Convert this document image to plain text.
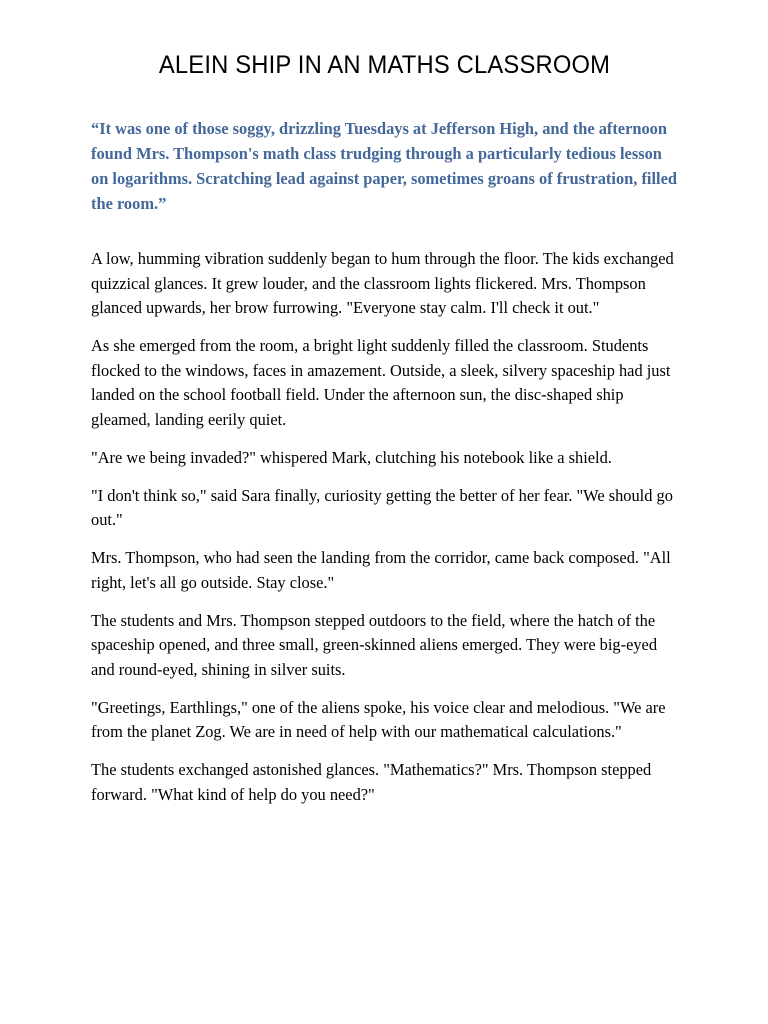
ALEIN SHIP IN AN MATHS CLASSROOM

“It was one of those soggy, drizzling Tuesdays at Jefferson High, and the afternoon found Mrs. Thompson's math class trudging through a particularly tedious lesson on logarithms. Scratching lead against paper, sometimes groans of frustration, filled the room.”

A low, humming vibration suddenly began to hum through the floor. The kids exchanged quizzical glances. It grew louder, and the classroom lights flickered. Mrs. Thompson glanced upwards, her brow furrowing. "Everyone stay calm. I'll check it out."

As she emerged from the room, a bright light suddenly filled the classroom. Students flocked to the windows, faces in amazement. Outside, a sleek, silvery spaceship had just landed on the school football field. Under the afternoon sun, the disc-shaped ship gleamed, landing eerily quiet.

"Are we being invaded?" whispered Mark, clutching his notebook like a shield.

"I don't think so," said Sara finally, curiosity getting the better of her fear. "We should go out."

Mrs. Thompson, who had seen the landing from the corridor, came back composed. "All right, let's all go outside. Stay close."

The students and Mrs. Thompson stepped outdoors to the field, where the hatch of the spaceship opened, and three small, green-skinned aliens emerged. They were big-eyed and round-eyed, shining in silver suits.

"Greetings, Earthlings," one of the aliens spoke, his voice clear and melodious. "We are from the planet Zog. We are in need of help with our mathematical calculations."

The students exchanged astonished glances. "Mathematics?" Mrs. Thompson stepped forward. "What kind of help do you need?"
